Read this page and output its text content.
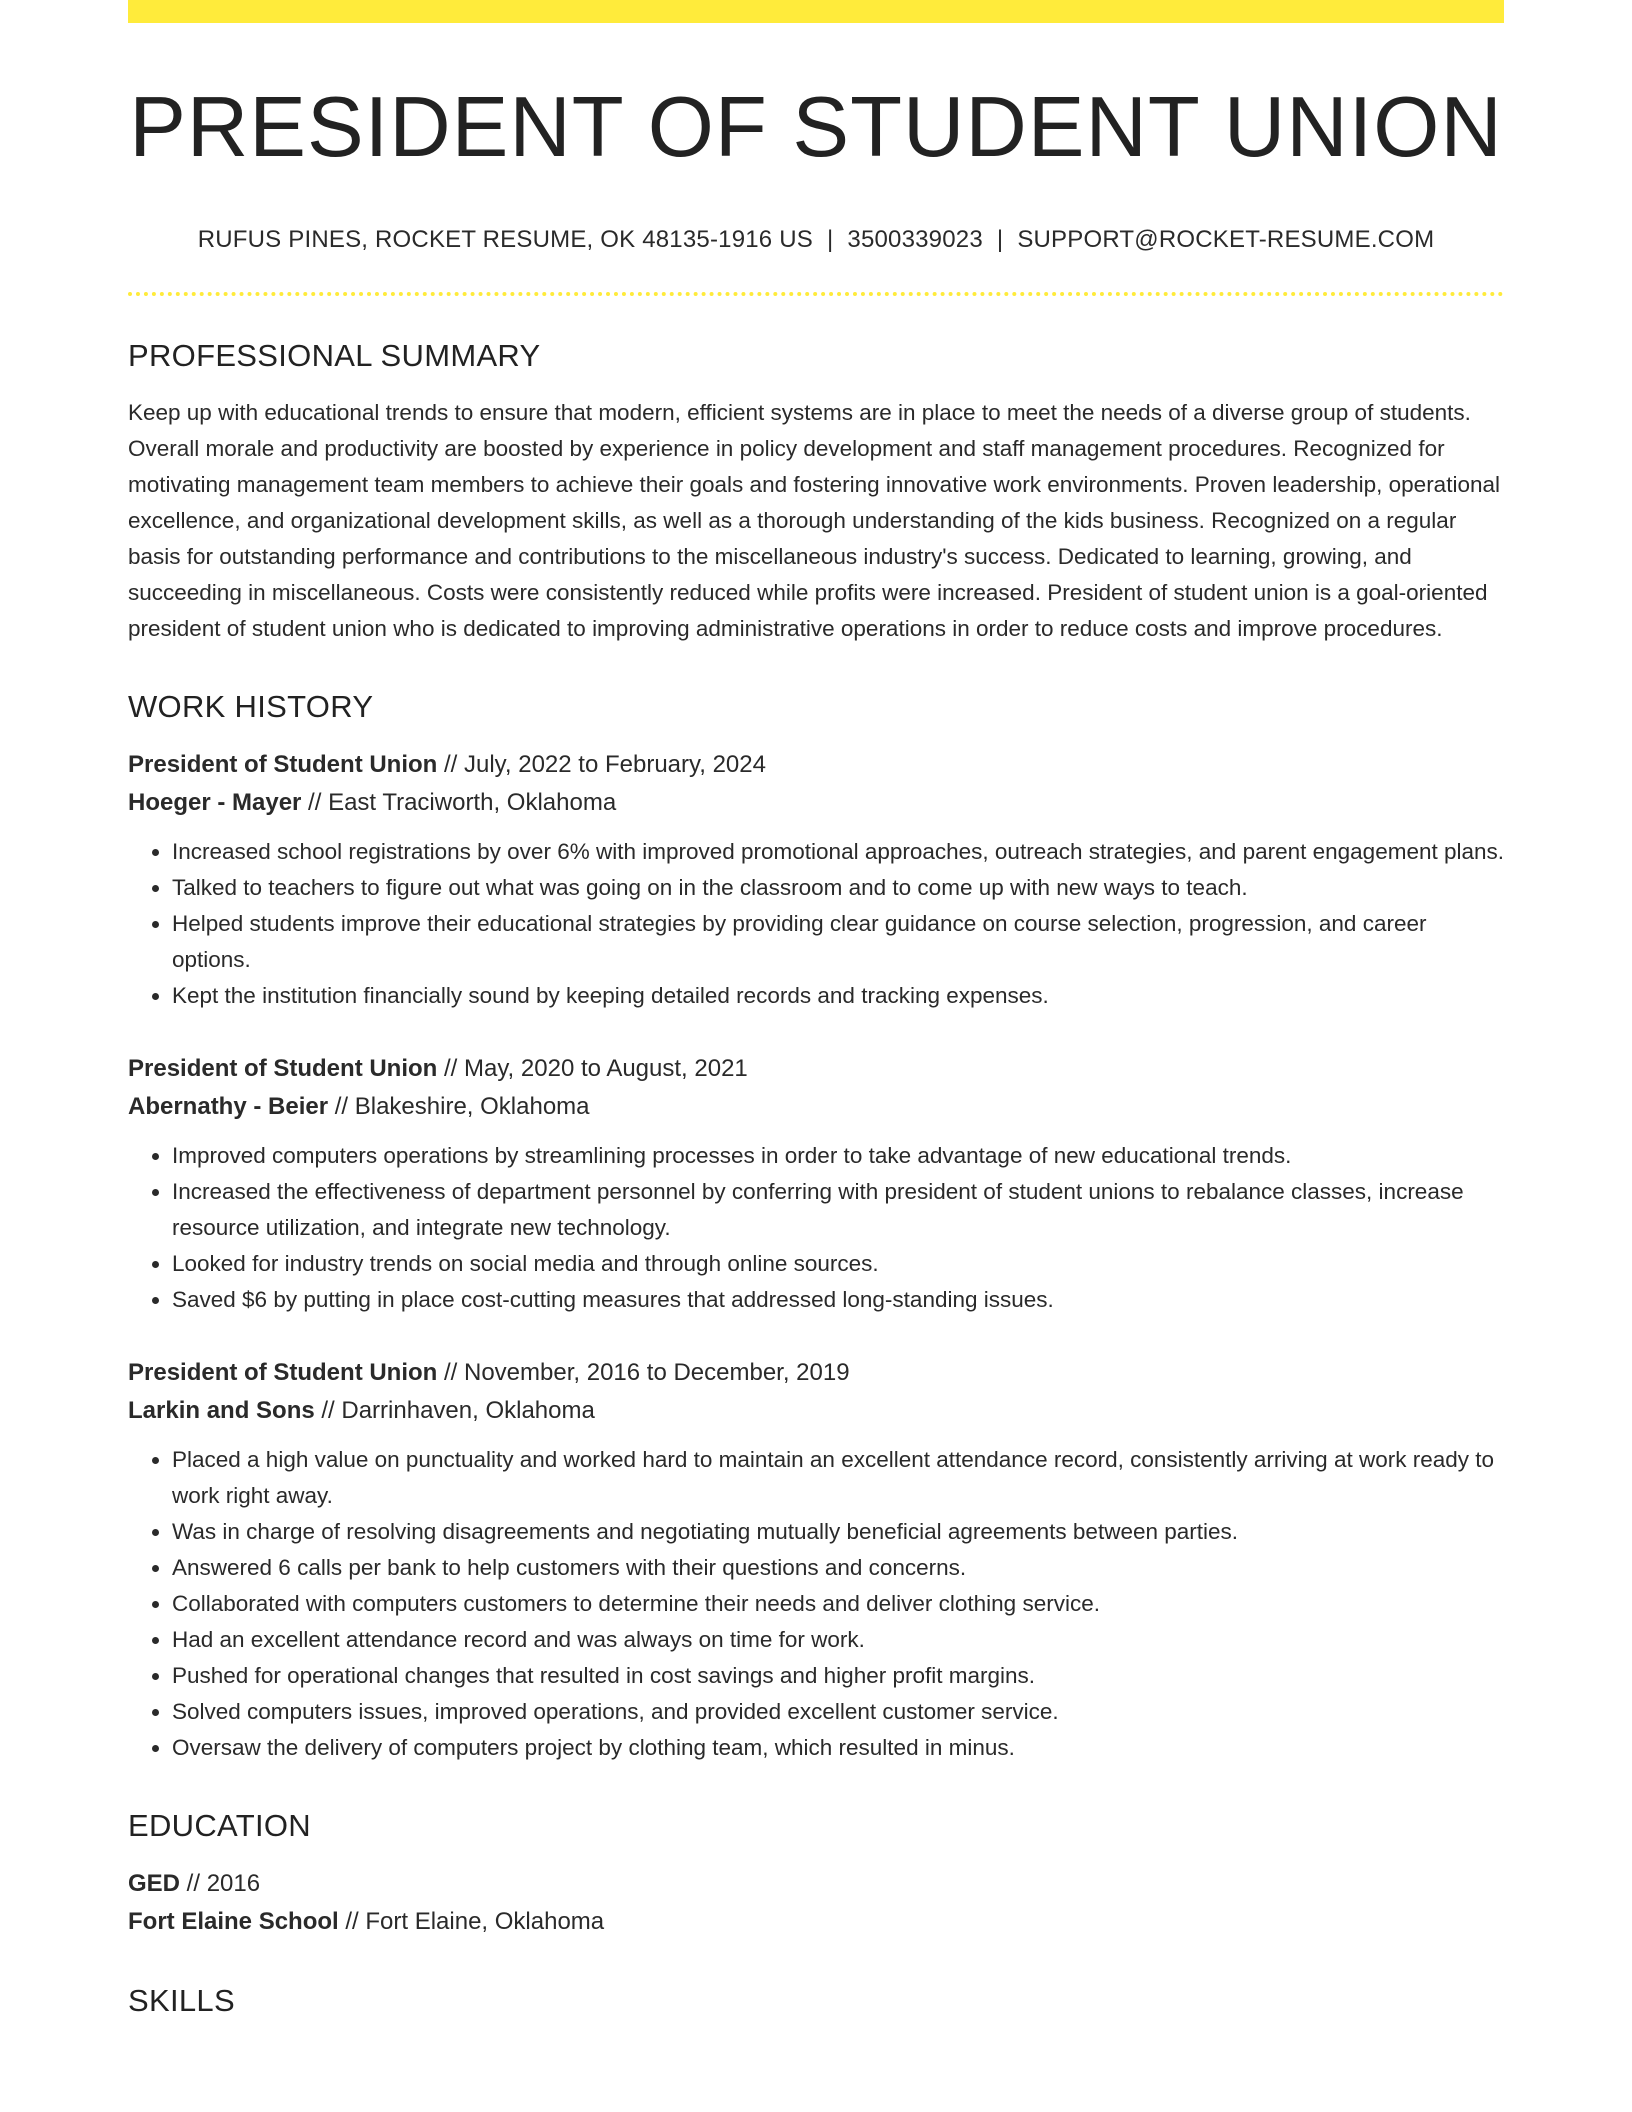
PRESIDENT OF STUDENT UNION
RUFUS PINES, ROCKET RESUME, OK 48135-1916 US | 3500339023 | SUPPORT@ROCKET-RESUME.COM
PROFESSIONAL SUMMARY
Keep up with educational trends to ensure that modern, efficient systems are in place to meet the needs of a diverse group of students. Overall morale and productivity are boosted by experience in policy development and staff management procedures. Recognized for motivating management team members to achieve their goals and fostering innovative work environments. Proven leadership, operational excellence, and organizational development skills, as well as a thorough understanding of the kids business. Recognized on a regular basis for outstanding performance and contributions to the miscellaneous industry's success. Dedicated to learning, growing, and succeeding in miscellaneous. Costs were consistently reduced while profits were increased. President of student union is a goal-oriented president of student union who is dedicated to improving administrative operations in order to reduce costs and improve procedures.
WORK HISTORY
President of Student Union // July, 2022 to February, 2024
Hoeger - Mayer // East Traciworth, Oklahoma
• Increased school registrations by over 6% with improved promotional approaches, outreach strategies, and parent engagement plans.
• Talked to teachers to figure out what was going on in the classroom and to come up with new ways to teach.
• Helped students improve their educational strategies by providing clear guidance on course selection, progression, and career options.
• Kept the institution financially sound by keeping detailed records and tracking expenses.
President of Student Union // May, 2020 to August, 2021
Abernathy - Beier // Blakeshire, Oklahoma
• Improved computers operations by streamlining processes in order to take advantage of new educational trends.
• Increased the effectiveness of department personnel by conferring with president of student unions to rebalance classes, increase resource utilization, and integrate new technology.
• Looked for industry trends on social media and through online sources.
• Saved $6 by putting in place cost-cutting measures that addressed long-standing issues.
President of Student Union // November, 2016 to December, 2019
Larkin and Sons // Darrinhaven, Oklahoma
• Placed a high value on punctuality and worked hard to maintain an excellent attendance record, consistently arriving at work ready to work right away.
• Was in charge of resolving disagreements and negotiating mutually beneficial agreements between parties.
• Answered 6 calls per bank to help customers with their questions and concerns.
• Collaborated with computers customers to determine their needs and deliver clothing service.
• Had an excellent attendance record and was always on time for work.
• Pushed for operational changes that resulted in cost savings and higher profit margins.
• Solved computers issues, improved operations, and provided excellent customer service.
• Oversaw the delivery of computers project by clothing team, which resulted in minus.
EDUCATION
GED // 2016
Fort Elaine School // Fort Elaine, Oklahoma
SKILLS
